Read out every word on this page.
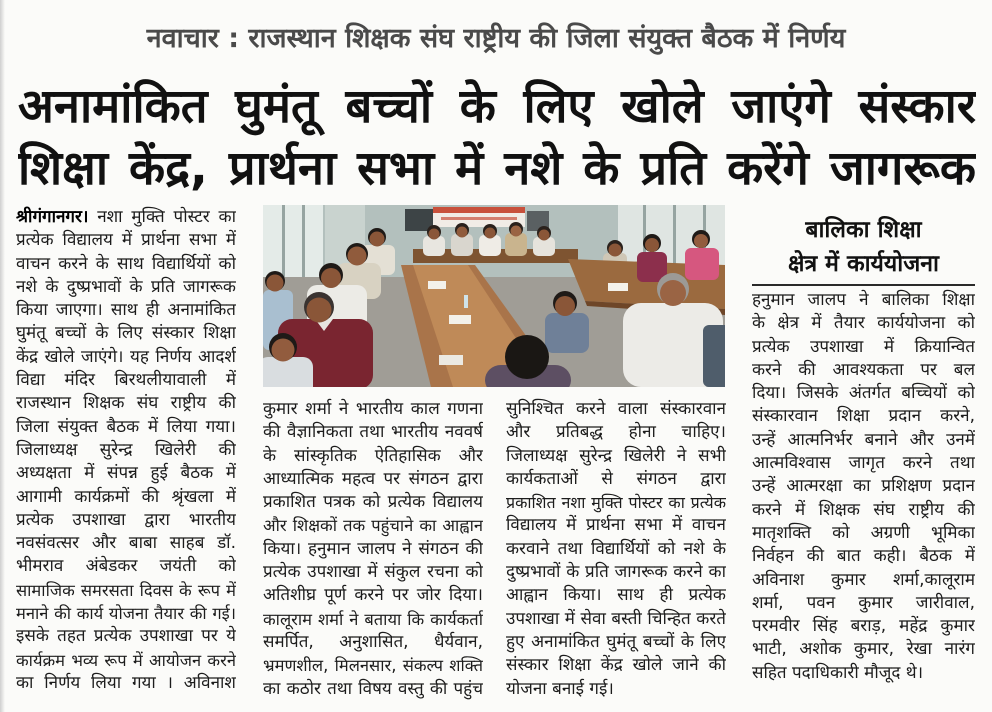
नवाचार : राजस्थान शिक्षक संघ राष्ट्रीय की जिला संयुक्त बैठक में निर्णय
अनामांकित घुमंतू बच्चों के लिए खोले जाएंगे संस्कार
शिक्षा केंद्र, प्रार्थना सभा में नशे के प्रति करेंगे जागरूक
श्रीगंगानगर। नशा मुक्ति पोस्टर का
प्रत्येक विद्यालय में प्रार्थना सभा में
वाचन करने के साथ विद्यार्थियों को
नशे के दुष्प्रभावों के प्रति जागरूक
किया जाएगा। साथ ही अनामांकित
घुमंतू बच्चों के लिए संस्कार शिक्षा
केंद्र खोले जाएंगे। यह निर्णय आदर्श
विद्या मंदिर बिरथलीयावाली में
राजस्थान शिक्षक संघ राष्ट्रीय की
जिला संयुक्त बैठक में लिया गया।
जिलाध्यक्ष सुरेन्द्र खिलेरी की
अध्यक्षता में संपन्न हुई बैठक में
आगामी कार्यक्रमों की श्रृंखला में
प्रत्येक उपशाखा द्वारा भारतीय
नवसंवत्सर और बाबा साहब डॉ.
भीमराव अंबेडकर जयंती को
सामाजिक समरसता दिवस के रूप में
मनाने की कार्य योजना तैयार की गई।
इसके तहत प्रत्येक उपशाखा पर ये
कार्यक्रम भव्य रूप में आयोजन करने
का निर्णय लिया गया । अविनाश
कुमार शर्मा ने भारतीय काल गणना
की वैज्ञानिकता तथा भारतीय नववर्ष
के सांस्कृतिक ऐतिहासिक और
आध्यात्मिक महत्व पर संगठन द्वारा
प्रकाशित पत्रक को प्रत्येक विद्यालय
और शिक्षकों तक पहुंचाने का आह्वान
किया। हनुमान जालप ने संगठन की
प्रत्येक उपशाखा में संकुल रचना को
अतिशीघ्र पूर्ण करने पर जोर दिया।
कालूराम शर्मा ने बताया कि कार्यकर्ता
समर्पित, अनुशासित, धैर्यवान,
भ्रमणशील, मिलनसार, संकल्प शक्ति
का कठोर तथा विषय वस्तु की पहुंच
सुनिश्चित करने वाला संस्कारवान
और प्रतिबद्ध होना चाहिए।
जिलाध्यक्ष सुरेन्द्र खिलेरी ने सभी
कार्यकताओं से संगठन द्वारा
प्रकाशित नशा मुक्ति पोस्टर का प्रत्येक
विद्यालय में प्रार्थना सभा में वाचन
करवाने तथा विद्यार्थियों को नशे के
दुष्प्रभावों के प्रति जागरूक करने का
आह्वान किया। साथ ही प्रत्येक
उपशाखा में सेवा बस्ती चिन्हित करते
हुए अनामांकित घुमंतू बच्चों के लिए
संस्कार शिक्षा केंद्र खोले जाने की
योजना बनाई गई।
बालिका शिक्षा
क्षेत्र में कार्ययोजना
हनुमान जालप ने बालिका शिक्षा
के क्षेत्र में तैयार कार्ययोजना को
प्रत्येक उपशाखा में क्रियान्वित
करने की आवश्यकता पर बल
दिया। जिसके अंतर्गत बच्चियों को
संस्कारवान शिक्षा प्रदान करने,
उन्हें आत्मनिर्भर बनाने और उनमें
आत्मविश्वास जागृत करने तथा
उन्हें आत्मरक्षा का प्रशिक्षण प्रदान
करने में शिक्षक संघ राष्ट्रीय की
मातृशक्ति को अग्रणी भूमिका
निर्वहन की बात कही। बैठक में
अविनाश कुमार शर्मा,कालूराम
शर्मा, पवन कुमार जारीवाल,
परमवीर सिंह बराड़, महेंद्र कुमार
भाटी, अशोक कुमार, रेखा नारंग
सहित पदाधिकारी मौजूद थे।
